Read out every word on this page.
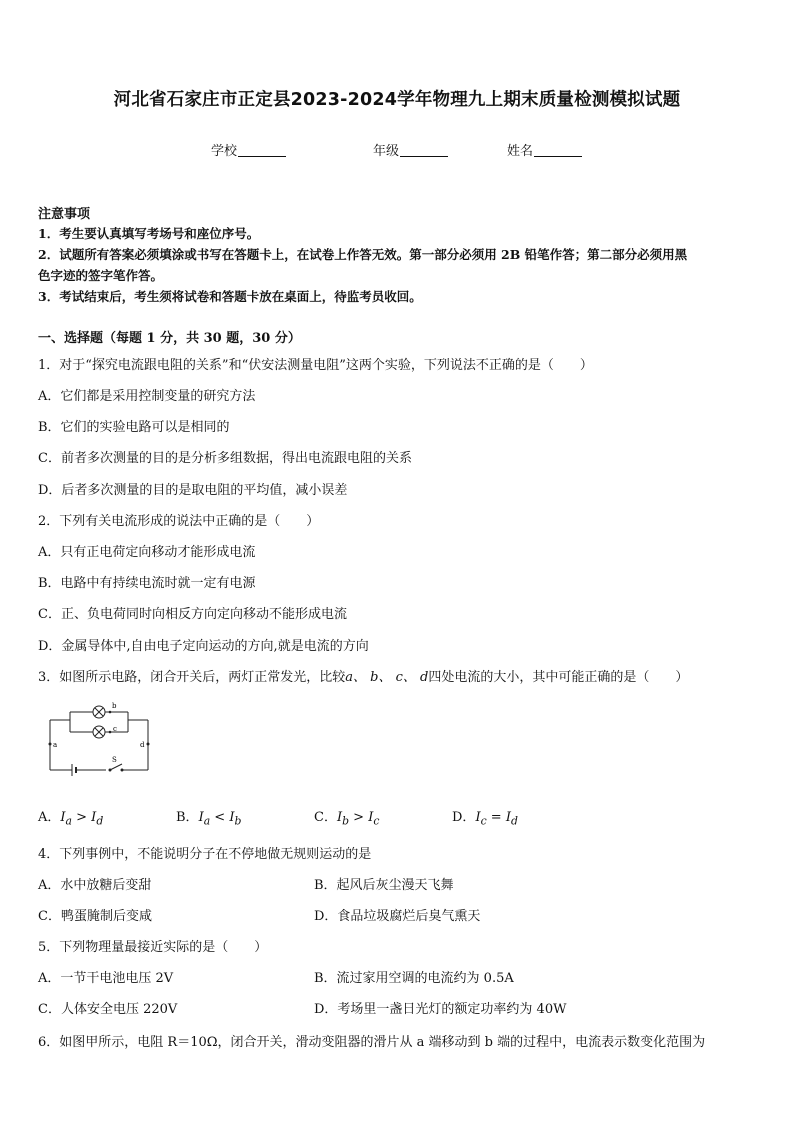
河北省石家庄市正定县2023-2024学年物理九上期末质量检测模拟试题
学校	年级	姓名
注意事项
1．考生要认真填写考场号和座位序号。
2．试题所有答案必须填涂或书写在答题卡上，在试卷上作答无效。第一部分必须用 2B 铅笔作答；第二部分必须用黑
色字迹的签字笔作答。
3．考试结束后，考生须将试卷和答题卡放在桌面上，待监考员收回。
一、选择题（每题 1 分，共 30 题，30 分）
1．对于“探究电流跟电阻的关系”和“伏安法测量电阻”这两个实验，下列说法不正确的是（　　）
A．它们都是采用控制变量的研究方法
B．它们的实验电路可以是相同的
C．前者多次测量的目的是分析多组数据，得出电流跟电阻的关系
D．后者多次测量的目的是取电阻的平均值，减小误差
2．下列有关电流形成的说法中正确的是（　　）
A．只有正电荷定向移动才能形成电流
B．电路中有持续电流时就一定有电源
C．正、负电荷同时向相反方向定向移动不能形成电流
D．金属导体中,自由电子定向运动的方向,就是电流的方向
3．如图所示电路，闭合开关后，两灯正常发光，比较a、 b、 c、 d四处电流的大小，其中可能正确的是（　　）
a	d
b
c
S
A．$I_a > I_d$	B．$I_a < I_b$	C．$I_b > I_c$	D．$I_c = I_d$
4．下列事例中，不能说明分子在不停地做无规则运动的是
A．水中放糖后变甜	B．起风后灰尘漫天飞舞
C．鸭蛋腌制后变咸	D．食品垃圾腐烂后臭气熏天
5．下列物理量最接近实际的是（　　）
A．一节干电池电压 2V	B．流过家用空调的电流约为 0.5A
C．人体安全电压 220V	D．考场里一盏日光灯的额定功率约为 40W
6．如图甲所示，电阻 R＝10Ω，闭合开关，滑动变阻器的滑片从 a 端移动到 b 端的过程中，电流表示数变化范围为
